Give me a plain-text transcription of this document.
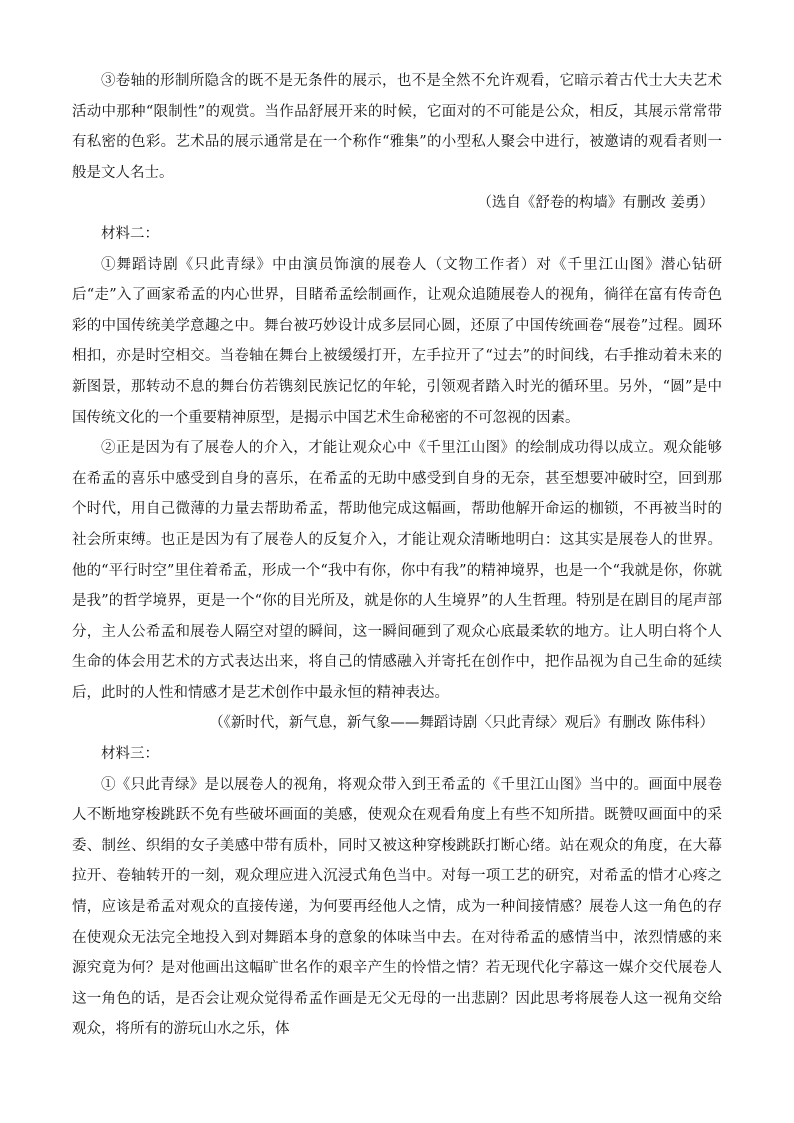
③卷轴的形制所隐含的既不是无条件的展示，也不是全然不允许观看，它暗示着古代士大夫艺术活动中那种“限制性”的观赏。当作品舒展开来的时候，它面对的不可能是公众，相反，其展示常常带有私密的色彩。艺术品的展示通常是在一个称作“雅集”的小型私人聚会中进行，被邀请的观看者则一般是文人名士。

（选自《舒卷的构墙》有删改 姜勇）

材料二：

①舞蹈诗剧《只此青绿》中由演员饰演的展卷人（文物工作者）对《千里江山图》潜心钻研后“走”入了画家希孟的内心世界，目睹希孟绘制画作，让观众追随展卷人的视角，徜徉在富有传奇色彩的中国传统美学意趣之中。舞台被巧妙设计成多层同心圆，还原了中国传统画卷“展卷”过程。圆环相扣，亦是时空相交。当卷轴在舞台上被缓缓打开，左手拉开了“过去”的时间线，右手推动着未来的新图景，那转动不息的舞台仿若镌刻民族记忆的年轮，引领观者踏入时光的循环里。另外，“圆”是中国传统文化的一个重要精神原型，是揭示中国艺术生命秘密的不可忽视的因素。

②正是因为有了展卷人的介入，才能让观众心中《千里江山图》的绘制成功得以成立。观众能够在希孟的喜乐中感受到自身的喜乐，在希孟的无助中感受到自身的无奈，甚至想要冲破时空，回到那个时代，用自己微薄的力量去帮助希孟，帮助他完成这幅画，帮助他解开命运的枷锁，不再被当时的社会所束缚。也正是因为有了展卷人的反复介入，才能让观众清晰地明白：这其实是展卷人的世界。他的“平行时空”里住着希孟，形成一个“我中有你，你中有我”的精神境界，也是一个“我就是你，你就是我”的哲学境界，更是一个“你的目光所及，就是你的人生境界”的人生哲理。特别是在剧目的尾声部分，主人公希孟和展卷人隔空对望的瞬间，这一瞬间砸到了观众心底最柔软的地方。让人明白将个人生命的体会用艺术的方式表达出来，将自己的情感融入并寄托在创作中，把作品视为自己生命的延续后，此时的人性和情感才是艺术创作中最永恒的精神表达。

（《新时代，新气息，新气象——舞蹈诗剧〈只此青绿〉观后》有删改 陈伟科）

材料三：

①《只此青绿》是以展卷人的视角，将观众带入到王希孟的《千里江山图》当中的。画面中展卷人不断地穿梭跳跃不免有些破坏画面的美感，使观众在观看角度上有些不知所措。既赞叹画面中的采委、制丝、织绢的女子美感中带有质朴，同时又被这种穿梭跳跃打断心绪。站在观众的角度，在大幕拉开、卷轴转开的一刻，观众理应进入沉浸式角色当中。对每一项工艺的研究，对希孟的惜才心疼之情，应该是希孟对观众的直接传递，为何要再经他人之情，成为一种间接情感？展卷人这一角色的存在使观众无法完全地投入到对舞蹈本身的意象的体味当中去。在对待希孟的感情当中，浓烈情感的来源究竟为何？是对他画出这幅旷世名作的艰辛产生的怜惜之情？若无现代化字幕这一媒介交代展卷人这一角色的话，是否会让观众觉得希孟作画是无父无母的一出悲剧？因此思考将展卷人这一视角交给观众，将所有的游玩山水之乐，体
